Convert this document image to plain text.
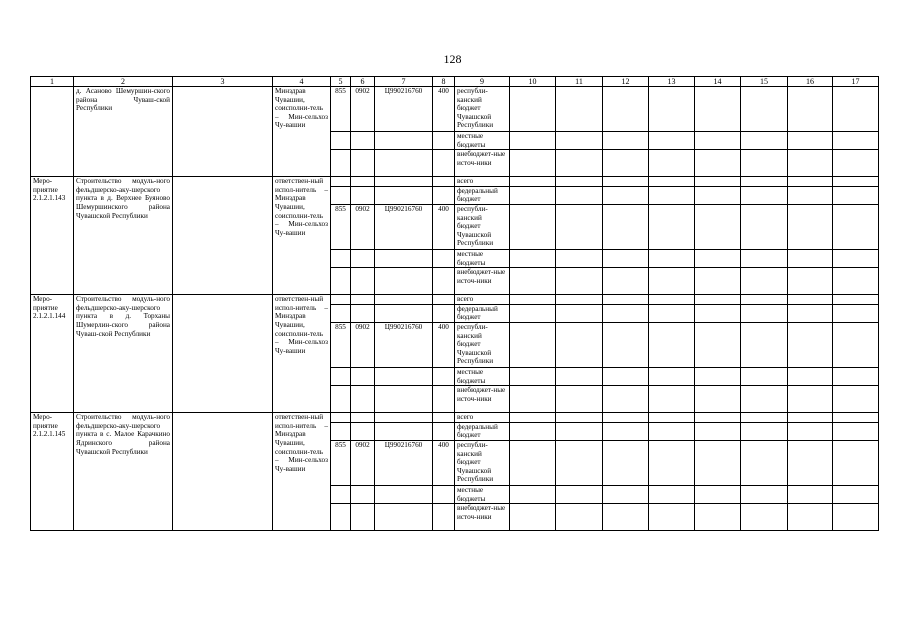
128
1	2	3	4	5	6	7	8	9	10	11	12	13	14	15	16	17
	д. Асаново Шемуршин-ского района Чуваш-ской Республики		Минздрав Чувашии, соисполни-тель – Мин-сельхоз Чу-вашии	855	0902	Ц990216760	400	республи-канский бюджет Чувашской Республики								
								местные бюджеты								
								внебюджет-ные источ-ники								
Меро-приятие 2.1.2.1.143	Строительство модуль-ного фельдшерско-аку-шерского пункта в д. Верхнее Буяново Шемуршинского района Чувашской Республики		ответствен-ный испол-нитель – Минздрав Чувашии, соисполни-тель – Мин-сельхоз Чу-вашии					всего								
								федеральный бюджет								
				855	0902	Ц990216760	400	республи-канский бюджет Чувашской Республики								
								местные бюджеты								
								внебюджет-ные источ-ники								
Меро-приятие 2.1.2.1.144	Строительство модуль-ного фельдшерско-аку-шерского пункта в д. Торханы Шумерлин-ского района Чуваш-ской Республики		ответствен-ный испол-нитель – Минздрав Чувашии, соисполни-тель – Мин-сельхоз Чу-вашии					всего								
								федеральный бюджет								
				855	0902	Ц990216760	400	республи-канский бюджет Чувашской Республики								
								местные бюджеты								
								внебюджет-ные источ-ники								
Меро-приятие 2.1.2.1.145	Строительство модуль-ного фельдшерско-аку-шерского пункта в с. Малое Карачкино Ядринского района Чувашской Республики		ответствен-ный испол-нитель – Минздрав Чувашии, соисполни-тель – Мин-сельхоз Чу-вашии					всего								
								федеральный бюджет								
				855	0902	Ц990216760	400	республи-канский бюджет Чувашской Республики								
								местные бюджеты								
								внебюджет-ные источ-ники								
